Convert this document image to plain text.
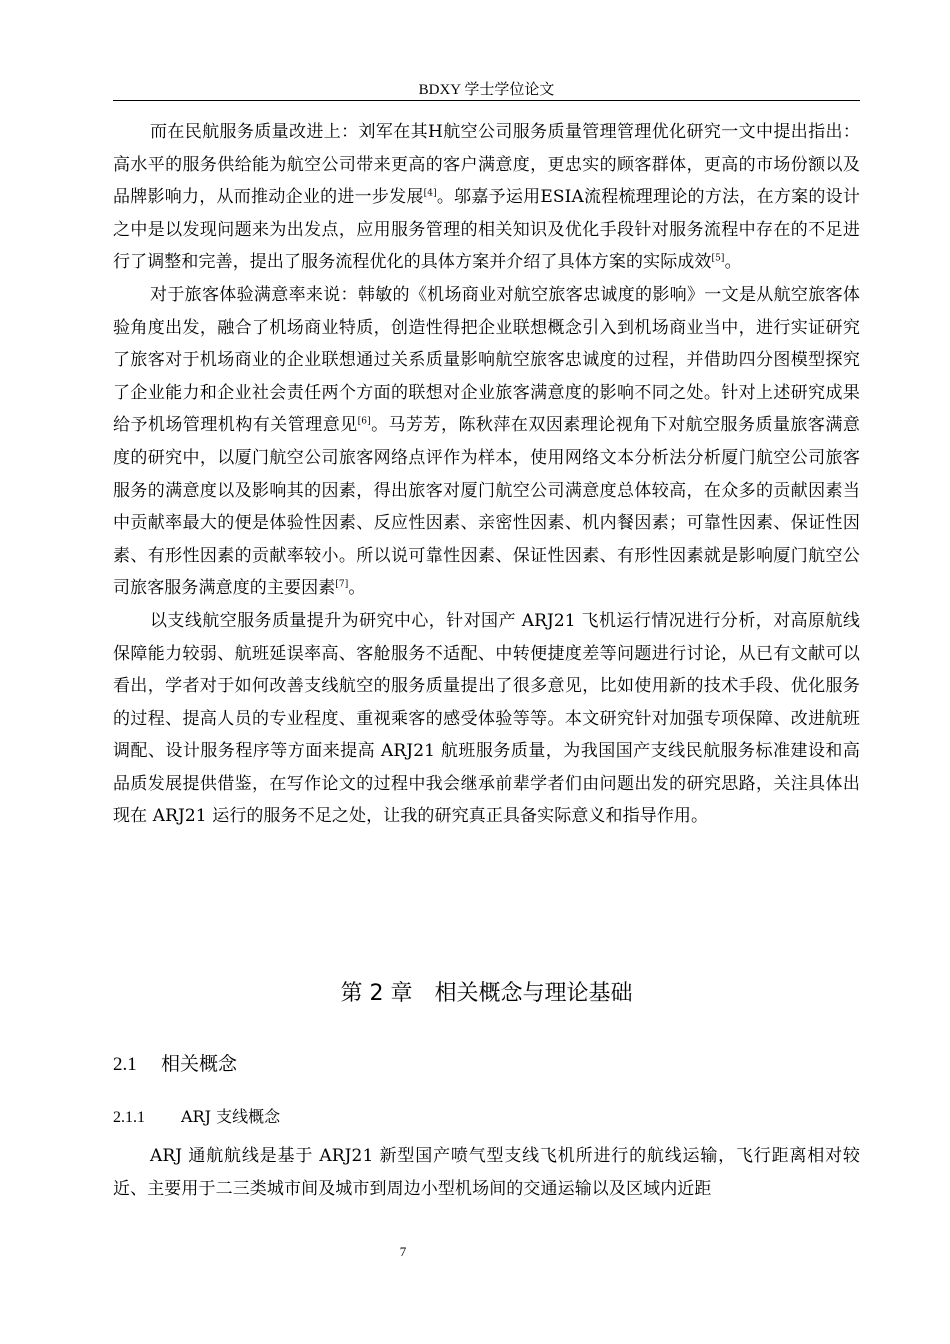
BDXY 学士学位论文

而在民航服务质量改进上：刘军在其H航空公司服务质量管理管理优化研究一文中提出指出：高水平的服务供给能为航空公司带来更高的客户满意度，更忠实的顾客群体，更高的市场份额以及品牌影响力，从而推动企业的进一步发展[4]。邬嘉予运用ESIA流程梳理理论的方法，在方案的设计之中是以发现问题来为出发点，应用服务管理的相关知识及优化手段针对服务流程中存在的不足进行了调整和完善，提出了服务流程优化的具体方案并介绍了具体方案的实际成效[5]。

对于旅客体验满意率来说：韩敏的《机场商业对航空旅客忠诚度的影响》一文是从航空旅客体验角度出发，融合了机场商业特质，创造性得把企业联想概念引入到机场商业当中，进行实证研究了旅客对于机场商业的企业联想通过关系质量影响航空旅客忠诚度的过程，并借助四分图模型探究了企业能力和企业社会责任两个方面的联想对企业旅客满意度的影响不同之处。针对上述研究成果给予机场管理机构有关管理意见[6]。马芳芳，陈秋萍在双因素理论视角下对航空服务质量旅客满意度的研究中，以厦门航空公司旅客网络点评作为样本，使用网络文本分析法分析厦门航空公司旅客服务的满意度以及影响其的因素，得出旅客对厦门航空公司满意度总体较高，在众多的贡献因素当中贡献率最大的便是体验性因素、反应性因素、亲密性因素、机内餐因素；可靠性因素、保证性因素、有形性因素的贡献率较小。所以说可靠性因素、保证性因素、有形性因素就是影响厦门航空公司旅客服务满意度的主要因素[7]。

以支线航空服务质量提升为研究中心，针对国产 ARJ21 飞机运行情况进行分析，对高原航线保障能力较弱、航班延误率高、客舱服务不适配、中转便捷度差等问题进行讨论，从已有文献可以看出，学者对于如何改善支线航空的服务质量提出了很多意见，比如使用新的技术手段、优化服务的过程、提高人员的专业程度、重视乘客的感受体验等等。本文研究针对加强专项保障、改进航班调配、设计服务程序等方面来提高 ARJ21 航班服务质量，为我国国产支线民航服务标准建设和高品质发展提供借鉴，在写作论文的过程中我会继承前辈学者们由问题出发的研究思路，关注具体出现在 ARJ21 运行的服务不足之处，让我的研究真正具备实际意义和指导作用。

第 2 章 相关概念与理论基础
2.1 相关概念
2.1.1 ARJ 支线概念

ARJ 通航航线是基于 ARJ21 新型国产喷气型支线飞机所进行的航线运输，飞行距离相对较近、主要用于二三类城市间及城市到周边小型机场间的交通运输以及区域内近距

7
